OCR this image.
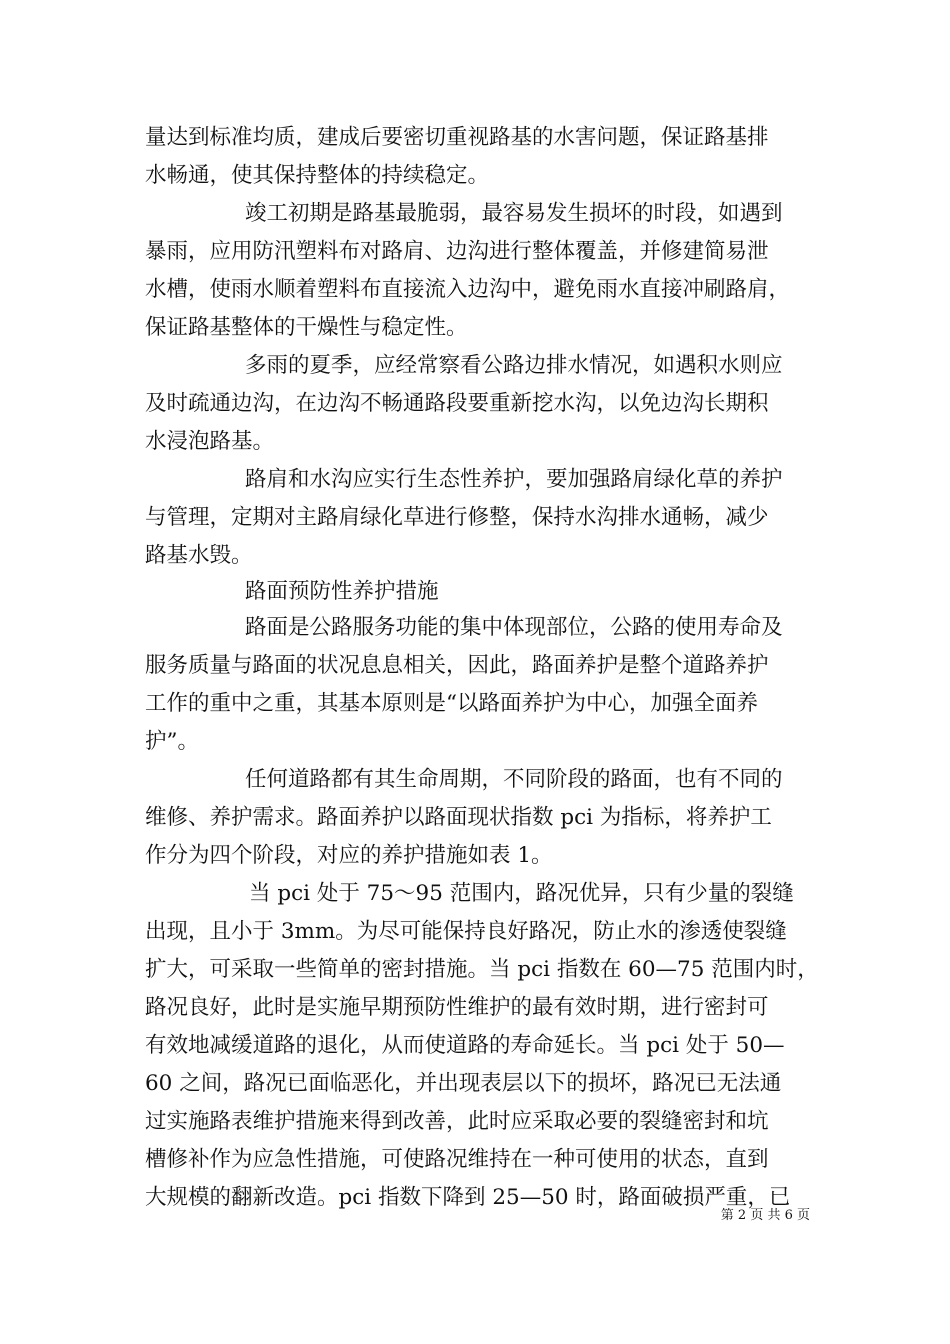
量达到标准均质，建成后要密切重视路基的水害问题，保证路基排
水畅通，使其保持整体的持续稳定。
竣工初期是路基最脆弱，最容易发生损坏的时段，如遇到
暴雨，应用防汛塑料布对路肩、边沟进行整体覆盖，并修建简易泄
水槽，使雨水顺着塑料布直接流入边沟中，避免雨水直接冲刷路肩，
保证路基整体的干燥性与稳定性。
多雨的夏季，应经常察看公路边排水情况，如遇积水则应
及时疏通边沟，在边沟不畅通路段要重新挖水沟，以免边沟长期积
水浸泡路基。
路肩和水沟应实行生态性养护，要加强路肩绿化草的养护
与管理，定期对主路肩绿化草进行修整，保持水沟排水通畅，减少
路基水毁。
路面预防性养护措施
路面是公路服务功能的集中体现部位，公路的使用寿命及
服务质量与路面的状况息息相关，因此，路面养护是整个道路养护
工作的重中之重，其基本原则是“以路面养护为中心，加强全面养
护”。
任何道路都有其生命周期，不同阶段的路面，也有不同的
维修、养护需求。路面养护以路面现状指数 pci 为指标，将养护工
作分为四个阶段，对应的养护措施如表 1。
当 pci 处于 75～95 范围内，路况优异，只有少量的裂缝
出现，且小于 3mm。为尽可能保持良好路况，防止水的渗透使裂缝
扩大，可采取一些简单的密封措施。当 pci 指数在 60—75 范围内时，
路况良好，此时是实施早期预防性维护的最有效时期，进行密封可
有效地减缓道路的退化，从而使道路的寿命延长。当 pci 处于 50—
60 之间，路况已面临恶化，并出现表层以下的损坏，路况已无法通
过实施路表维护措施来得到改善，此时应采取必要的裂缝密封和坑
槽修补作为应急性措施，可使路况维持在一种可使用的状态，直到
大规模的翻新改造。pci 指数下降到 25—50 时，路面破损严重，已
第 2 页 共 6 页
